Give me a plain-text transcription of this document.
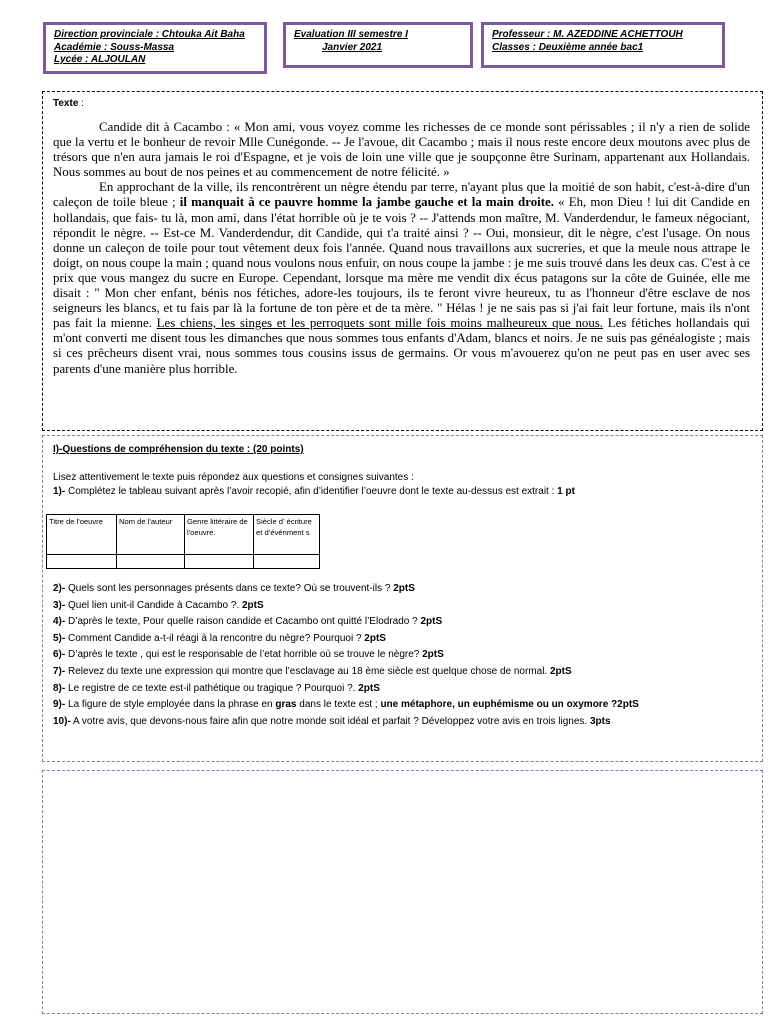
Direction provinciale : Chtouka Ait Baha
Académie : Souss-Massa
Lycée : ALJOULAN
Evaluation III semestre I
Janvier 2021
Professeur : M. AZEDDINE ACHETTOUH
Classes : Deuxième année bac1
Texte :

Candide dit à Cacambo : « Mon ami, vous voyez comme les richesses de ce monde sont périssables ; il n'y a rien de solide que la vertu et le bonheur de revoir Mlle Cunégonde. -- Je l'avoue, dit Cacambo ; mais il nous reste encore deux moutons avec plus de trésors que n'en aura jamais le roi d'Espagne, et je vois de loin une ville que je soupçonne être Surinam, appartenant aux Hollandais. Nous sommes au bout de nos peines et au commencement de notre félicité. »

En approchant de la ville, ils rencontrèrent un nègre étendu par terre, n'ayant plus que la moitié de son habit, c'est-à-dire d'un caleçon de toile bleue ; il manquait à ce pauvre homme la jambe gauche et la main droite. « Eh, mon Dieu ! lui dit Candide en hollandais, que fais- tu là, mon ami, dans l'état horrible où je te vois ? -- J'attends mon maître, M. Vanderdendur, le fameux négociant, répondit le nègre. -- Est-ce M. Vanderdendur, dit Candide, qui t'a traité ainsi ? -- Oui, monsieur, dit le nègre, c'est l'usage. On nous donne un caleçon de toile pour tout vêtement deux fois l'année. Quand nous travaillons aux sucreries, et que la meule nous attrape le doigt, on nous coupe la main ; quand nous voulons nous enfuir, on nous coupe la jambe : je me suis trouvé dans les deux cas. C'est à ce prix que vous mangez du sucre en Europe. Cependant, lorsque ma mère me vendit dix écus patagons sur la côte de Guinée, elle me disait : " Mon cher enfant, bénis nos fétiches, adore-les toujours, ils te feront vivre heureux, tu as l'honneur d'être esclave de nos seigneurs les blancs, et tu fais par là la fortune de ton père et de ta mère. " Hélas ! je ne sais pas si j'ai fait leur fortune, mais ils n'ont pas fait la mienne. Les chiens, les singes et les perroquets sont mille fois moins malheureux que nous. Les fétiches hollandais qui m'ont converti me disent tous les dimanches que nous sommes tous enfants d'Adam, blancs et noirs. Je ne suis pas généalogiste ; mais si ces prêcheurs disent vrai, nous sommes tous cousins issus de germains. Or vous m'avouerez qu'on ne peut pas en user avec ses parents d'une manière plus horrible.

I)-Questions de compréhension du texte : (20 points)
Lisez attentivement le texte puis répondez aux questions et consignes suivantes :
1)- Complétez le tableau suivant après l’avoir recopié, afin d’identifier l’oeuvre dont le texte au-dessus est extrait : 1 pt
Titre de l'oeuvre	Nom de l'auteur	Genre littéraire de l'oeuvre.	Siècle d’ écriture et d’événment s

2)- Quels sont les personnages présents dans ce texte? Où se trouvent-ils ? 2ptS
3)- Quel lien unit-il Candide à Cacambo ?. 2ptS
4)- D’après le texte, Pour quelle raison candide et Cacambo ont quitté l’Elodrado ? 2ptS
5)- Comment Candide a-t-il réagi à la rencontre du nègre? Pourquoi ? 2ptS
6)- D’après le texte , qui est le responsable de l’etat horrible où se trouve le nègre? 2ptS
7)- Relevez du texte une expression qui montre que l’esclavage au 18 ème siècle est quelque chose de normal. 2ptS
8)- Le registre de ce texte est-il pathétique ou tragique ? Pourquoi ?. 2ptS
9)- La figure de style employée dans la phrase en gras dans le texte est ; une métaphore, un euphémisme ou un oxymore ?2ptS
10)- A votre avis, que devons-nous faire afin que notre monde soit idéal et parfait ? Développez votre avis en trois lignes. 3pts
